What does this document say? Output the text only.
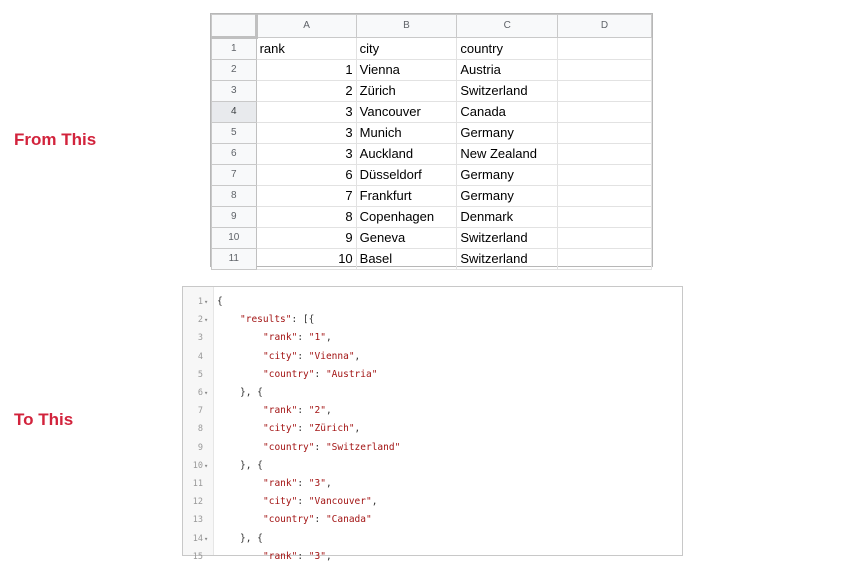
From This
To This
	A	B	C	D
1	rank	city	country	
2	1	Vienna	Austria	
3	2	Zürich	Switzerland	
4	3	Vancouver	Canada	
5	3	Munich	Germany	
6	3	Auckland	New Zealand	
7	6	Düsseldorf	Germany	
8	7	Frankfurt	Germany	
9	8	Copenhagen	Denmark	
10	9	Geneva	Switzerland	
11	10	Basel	Switzerland	
1 ▾ {
2 ▾	"results": [{
3	"rank": "1",
4	"city": "Vienna",
5	"country": "Austria"
6 ▾	}, {
7	"rank": "2",
8	"city": "Zürich",
9	"country": "Switzerland"
10 ▾	}, {
11	"rank": "3",
12	"city": "Vancouver",
13	"country": "Canada"
14 ▾	}, {
15	"rank": "3",
